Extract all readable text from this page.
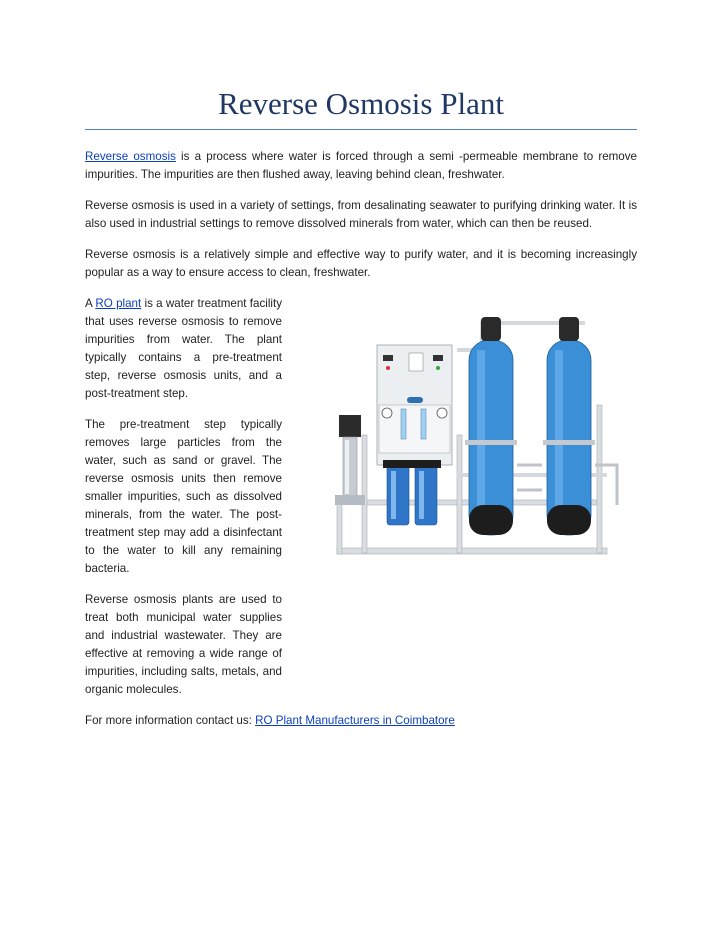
Reverse Osmosis Plant

Reverse osmosis is a process where water is forced through a semi -permeable membrane to remove impurities. The impurities are then flushed away, leaving behind clean, freshwater.

Reverse osmosis is used in a variety of settings, from desalinating seawater to purifying drinking water. It is also used in industrial settings to remove dissolved minerals from water, which can then be reused.

Reverse osmosis is a relatively simple and effective way to purify water, and it is becoming increasingly popular as a way to ensure access to clean, freshwater.

A RO plant is a water treatment facility that uses reverse osmosis to remove impurities from water. The plant typically contains a pre-treatment step, reverse osmosis units, and a post-treatment step.

The pre-treatment step typically removes large particles from the water, such as sand or gravel. The reverse osmosis units then remove smaller impurities, such as dissolved minerals, from the water. The post-treatment step may add a disinfectant to the water to kill any remaining bacteria.

Reverse osmosis plants are used to treat both municipal water supplies and industrial wastewater. They are effective at removing a wide range of impurities, including salts, metals, and organic molecules.

For more information contact us: RO Plant Manufacturers in Coimbatore
